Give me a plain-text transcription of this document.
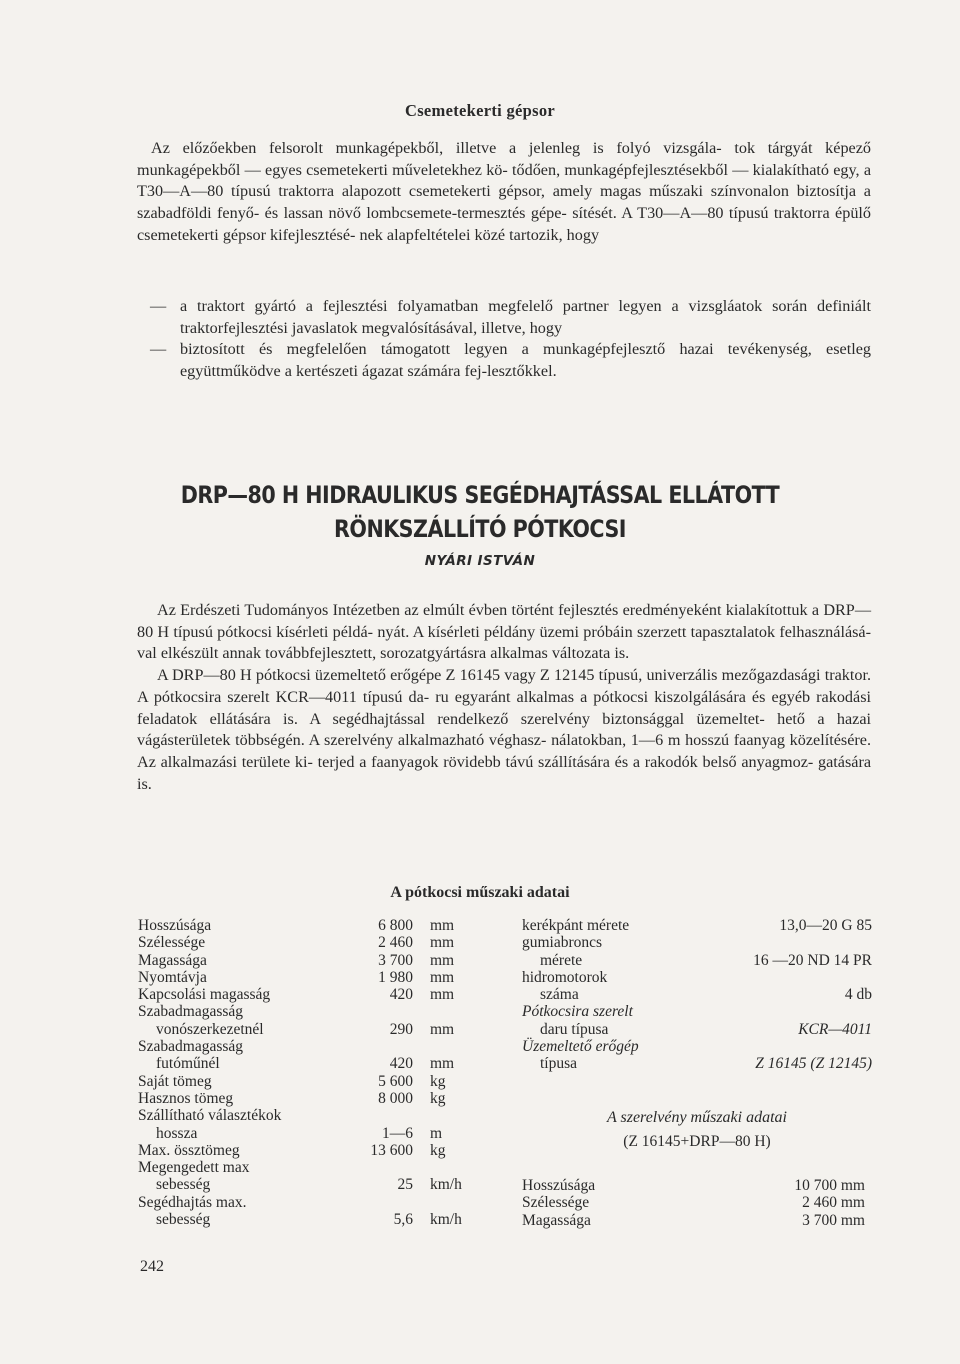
Csemetekerti gépsor
Az előzőekben felsorolt munkagépekből, illetve a jelenleg is folyó vizsgála- tok tárgyát képező munkagépekből — egyes csemetekerti műveletekhez kö- tődően, munkagépfejlesztésekből — kialakítható egy, a T30—A—80 típusú traktorra alapozott csemetekerti gépsor, amely magas műszaki színvonalon biztosítja a szabadföldi fenyő- és lassan növő lombcsemete-termesztés gépe- sítését. A T30—A—80 típusú traktorra épülő csemetekerti gépsor kifejlesztésé- nek alapfeltételei közé tartozik, hogy
— a traktort gyártó a fejlesztési folyamatban megfelelő partner legyen a vizsgláatok során definiált traktorfejlesztési javaslatok megvalósításával, illetve, hogy
— biztosított és megfelelően támogatott legyen a munkagépfejlesztő hazai tevékenység, esetleg együttműködve a kertészeti ágazat számára fej-lesztőkkel.
DRP—80 H HIDRAULIKUS SEGÉDHAJTÁSSAL ELLÁTOTT
RÖNKSZÁLLÍTÓ PÓTKOCSI
NYÁRI ISTVÁN
Az Erdészeti Tudományos Intézetben az elmúlt évben történt fejlesztés eredményeként kialakítottuk a DRP—80 H típusú pótkocsi kísérleti példá- nyát. A kísérleti példány üzemi próbáin szerzett tapasztalatok felhasználásá- val elkészült annak továbbfejlesztett, sorozatgyártásra alkalmas változata is.
A DRP—80 H pótkocsi üzemeltető erőgépe Z 16145 vagy Z 12145 típusú, univerzális mezőgazdasági traktor. A pótkocsira szerelt KCR—4011 típusú da- ru egyaránt alkalmas a pótkocsi kiszolgálására és egyéb rakodási feladatok ellátására is. A segédhajtással rendelkező szerelvény biztonsággal üzemeltet- hető a hazai vágásterületek többségén. A szerelvény alkalmazható véghasz- nálatokban, 1—6 m hosszú faanyag közelítésére. Az alkalmazási területe ki- terjed a faanyagok rövidebb távú szállítására és a rakodók belső anyagmoz- gatására is.
A pótkocsi műszaki adatai
Hosszúsága	6 800 mm
Szélessége	2 460 mm
Magassága	3 700 mm
Nyomtávja	1 980 mm
Kapcsolási magasság	420 mm
Szabadmagasság
vonószerkezetnél	290 mm
Szabadmagasság
futóműnél	420 mm
Saját tömeg	5 600 kg
Hasznos tömeg	8 000 kg
Szállítható választékok
hossza	1—6 m
Max. össztömeg	13 600 kg
Megengedett max
sebesség	25 km/h
Segédhajtás max.
sebesség	5,6 km/h
kerékpánt mérete	13,0—20 G 85
gumiabroncs
mérete	16 —20 ND 14 PR
hidromotorok
száma	4 db
Pótkocsira szerelt
daru típusa	KCR—4011
Üzemeltető erőgép
típusa	Z 16145 (Z 12145)
A szerelvény műszaki adatai
(Z 16145+DRP—80 H)
Hosszúsága	10 700 mm
Szélessége	2 460 mm
Magassága	3 700 mm
242
